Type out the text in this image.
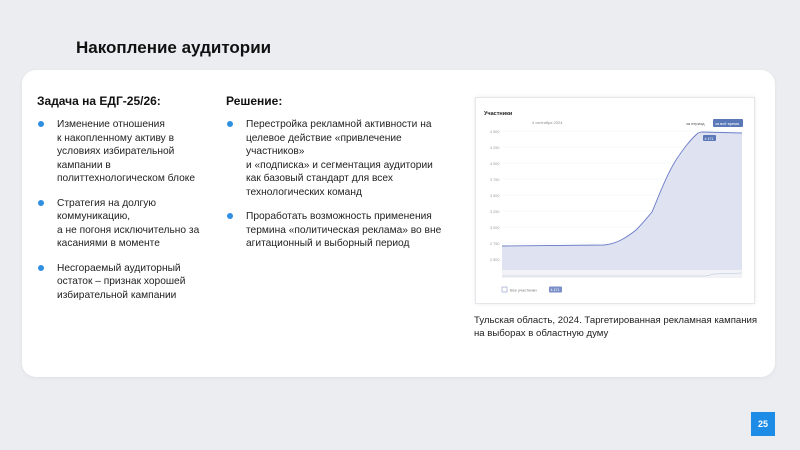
Накопление аудитории
Задача на ЕДГ-25/26:
Изменение отношения
к накопленному активу в
условиях избирательной
кампании в
политтехнологическом блоке
Стратегия на долгую
коммуникацию,
а не погоня исключительно за
касаниями в моменте
Несгораемый аудиторный
остаток – признак хорошей
избирательной кампании
Решение:
Перестройка рекламной активности на
целевое действие «привлечение
участников»
и «подписка» и сегментация аудитории
как базовый стандарт для всех
технологических команд
Проработать возможность применения
термина «политическая реклама» во вне
агитационный и выборный период
Участники
4 сентября 2024	за период	за всё время
4 500
4 250
4 000
3 750
3 500
3 250
3 000
2 750
2 500
4 471
Все участники	4 471
Тульская область, 2024. Таргетированная рекламная кампания
на выборах в областную думу
25
